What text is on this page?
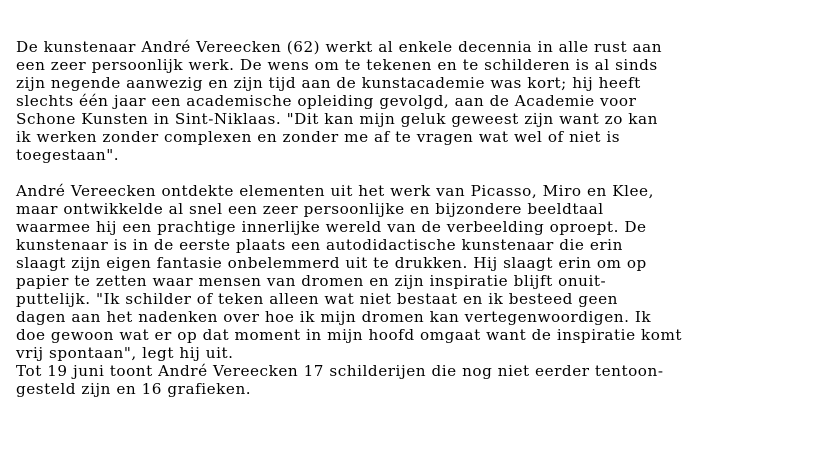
De kunstenaar André Vereecken (62) werkt al enkele decennia in alle rust aan
een zeer persoonlijk werk. De wens om te tekenen en te schilderen is al sinds
zijn negende aanwezig en zijn tijd aan de kunstacademie was kort; hij heeft
slechts één jaar een academische opleiding gevolgd, aan de Academie voor
Schone Kunsten in Sint-Niklaas. "Dit kan mijn geluk geweest zijn want zo kan
ik werken zonder complexen en zonder me af te vragen wat wel of niet is
toegestaan".

André Vereecken ontdekte elementen uit het werk van Picasso, Miro en Klee,
maar ontwikkelde al snel een zeer persoonlijke en bijzondere beeldtaal
waarmee hij een prachtige innerlijke wereld van de verbeelding oproept. De
kunstenaar is in de eerste plaats een autodidactische kunstenaar die erin
slaagt zijn eigen fantasie onbelemmerd uit te drukken. Hij slaagt erin om op
papier te zetten waar mensen van dromen en zijn inspiratie blijft onuit-
puttelijk. "Ik schilder of teken alleen wat niet bestaat en ik besteed geen
dagen aan het nadenken over hoe ik mijn dromen kan vertegenwoordigen. Ik
doe gewoon wat er op dat moment in mijn hoofd omgaat want de inspiratie komt
vrij spontaan", legt hij uit.
Tot 19 juni toont André Vereecken 17 schilderijen die nog niet eerder tentoon-
gesteld zijn en 16 grafieken.
